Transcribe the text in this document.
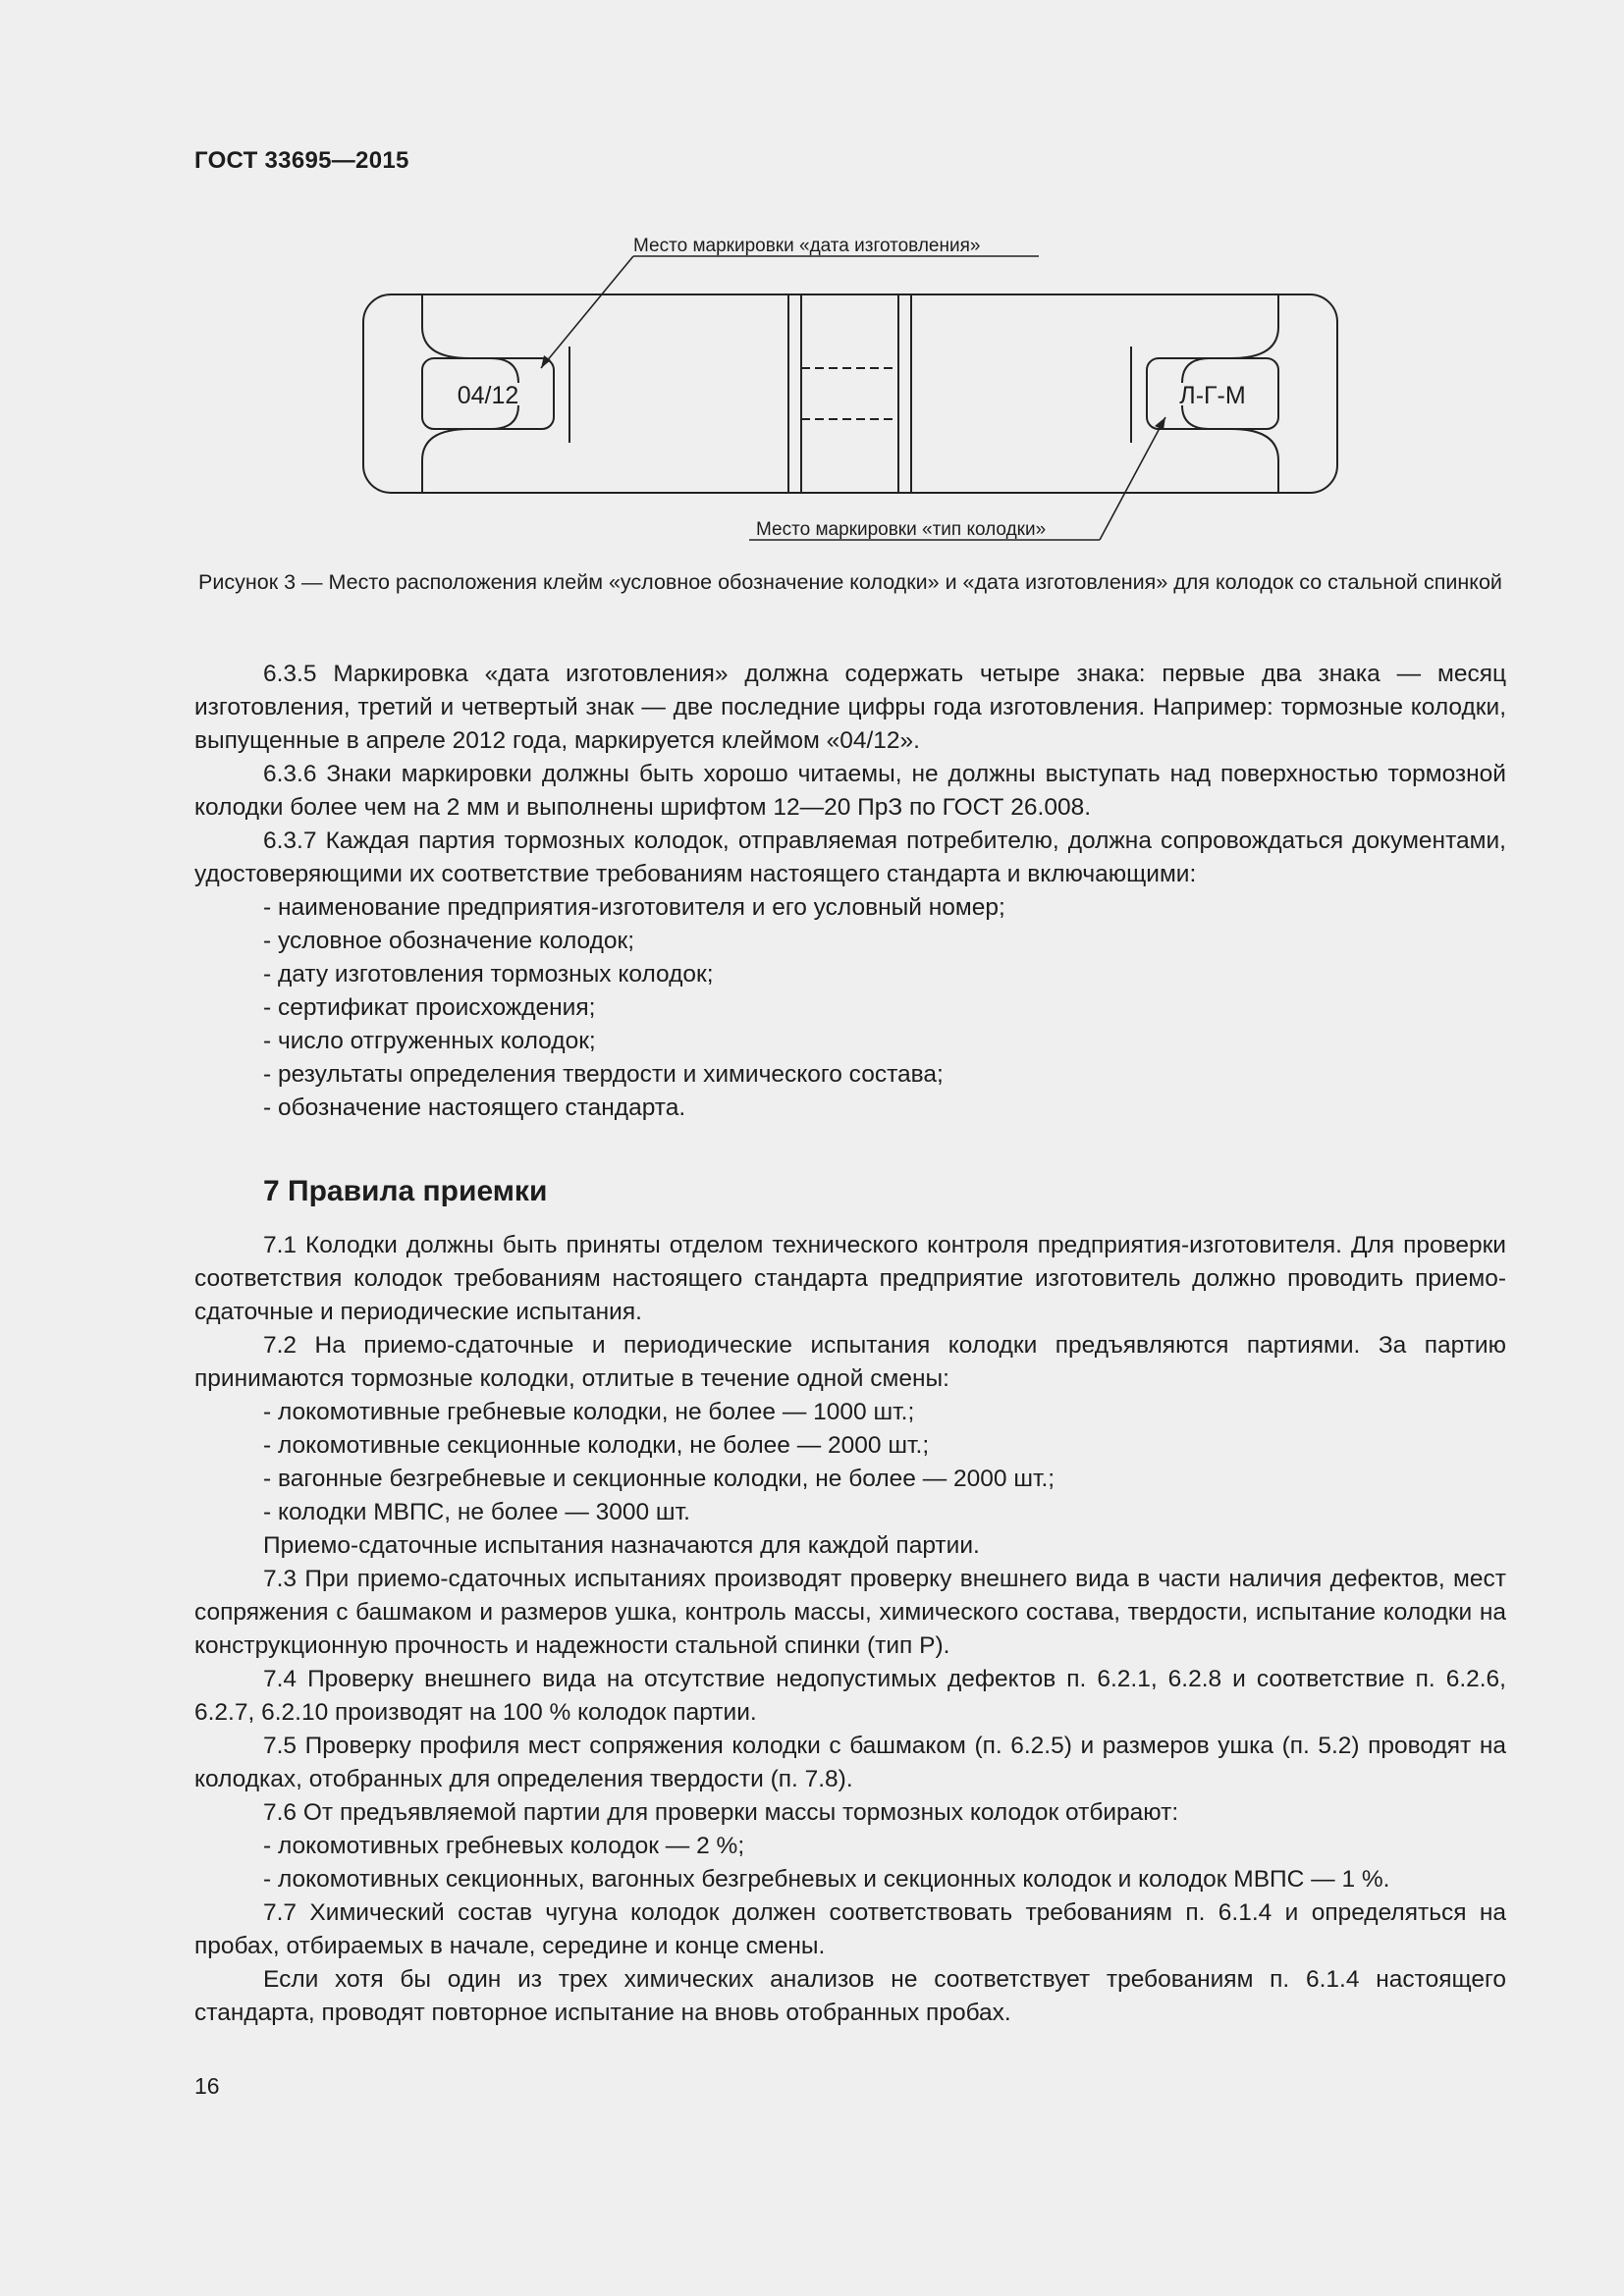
ГОСТ 33695—2015
Место маркировки «дата изготовления»
Место маркировки «тип колодки»
04/12	Л-Г-М
Рисунок 3 — Место расположения клейм «условное обозначение колодки» и «дата изготовления» для колодок со стальной спинкой

6.3.5 Маркировка «дата изготовления» должна содержать четыре знака: первые два знака — месяц изготовления, третий и четвертый знак — две последние цифры года изготовления. Например: тормозные колодки, выпущенные в апреле 2012 года, маркируется клеймом «04/12».

6.3.6 Знаки маркировки должны быть хорошо читаемы, не должны выступать над поверхностью тормозной колодки более чем на 2 мм и выполнены шрифтом 12—20 ПрЗ по ГОСТ 26.008.

6.3.7 Каждая партия тормозных колодок, отправляемая потребителю, должна сопровождаться документами, удостоверяющими их соответствие требованиям настоящего стандарта и включающими:

- наименование предприятия-изготовителя и его условный номер;

- условное обозначение колодок;

- дату изготовления тормозных колодок;

- сертификат происхождения;

- число отгруженных колодок;

- результаты определения твердости и химического состава;

- обозначение настоящего стандарта.

7 Правила приемки

7.1 Колодки должны быть приняты отделом технического контроля предприятия-изготовителя. Для проверки соответствия колодок требованиям настоящего стандарта предприятие изготовитель должно проводить приемо-сдаточные и периодические испытания.

7.2 На приемо-сдаточные и периодические испытания колодки предъявляются партиями. За партию принимаются тормозные колодки, отлитые в течение одной смены:

- локомотивные гребневые колодки, не более — 1000 шт.;

- локомотивные секционные колодки, не более — 2000 шт.;

- вагонные безгребневые и секционные колодки, не более — 2000 шт.;

- колодки МВПС, не более — 3000 шт.

Приемо-сдаточные испытания назначаются для каждой партии.

7.3 При приемо-сдаточных испытаниях производят проверку внешнего вида в части наличия дефектов, мест сопряжения с башмаком и размеров ушка, контроль массы, химического состава, твердости, испытание колодки на конструкционную прочность и надежности стальной спинки (тип Р).

7.4 Проверку внешнего вида на отсутствие недопустимых дефектов п. 6.2.1, 6.2.8 и соответствие п. 6.2.6, 6.2.7, 6.2.10 производят на 100 % колодок партии.

7.5 Проверку профиля мест сопряжения колодки с башмаком (п. 6.2.5) и размеров ушка (п. 5.2) проводят на колодках, отобранных для определения твердости (п. 7.8).

7.6 От предъявляемой партии для проверки массы тормозных колодок отбирают:

- локомотивных гребневых колодок — 2 %;

- локомотивных секционных, вагонных безгребневых и секционных колодок и колодок МВПС — 1 %.

7.7 Химический состав чугуна колодок должен соответствовать требованиям п. 6.1.4 и определяться на пробах, отбираемых в начале, середине и конце смены.

Если хотя бы один из трех химических анализов не соответствует требованиям п. 6.1.4 настоящего стандарта, проводят повторное испытание на вновь отобранных пробах.

16
